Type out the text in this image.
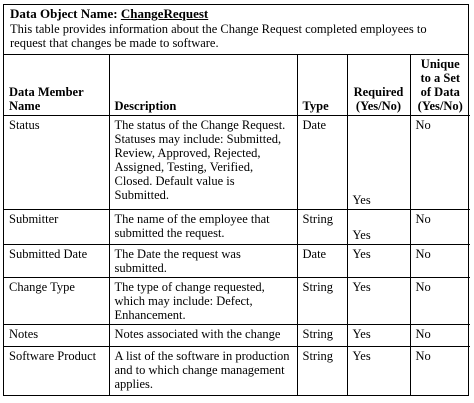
Data Object Name: ChangeRequest
This table provides information about the Change Request completed employees to request that changes be made to software.
Data Member Name	Description	Type	Required (Yes/No)	Unique to a Set of Data (Yes/No)
Status	The status of the Change Request. Statuses may include: Submitted, Review, Approved, Rejected, Assigned, Testing, Verified, Closed. Default value is Submitted.	Date	Yes	No
Submitter	The name of the employee that submitted the request.	String	Yes	No
Submitted Date	The Date the request was submitted.	Date	Yes	No
Change Type	The type of change requested, which may include: Defect, Enhancement.	String	Yes	No
Notes	Notes associated with the change	String	Yes	No
Software Product	A list of the software in production and to which change management applies.	String	Yes	No
